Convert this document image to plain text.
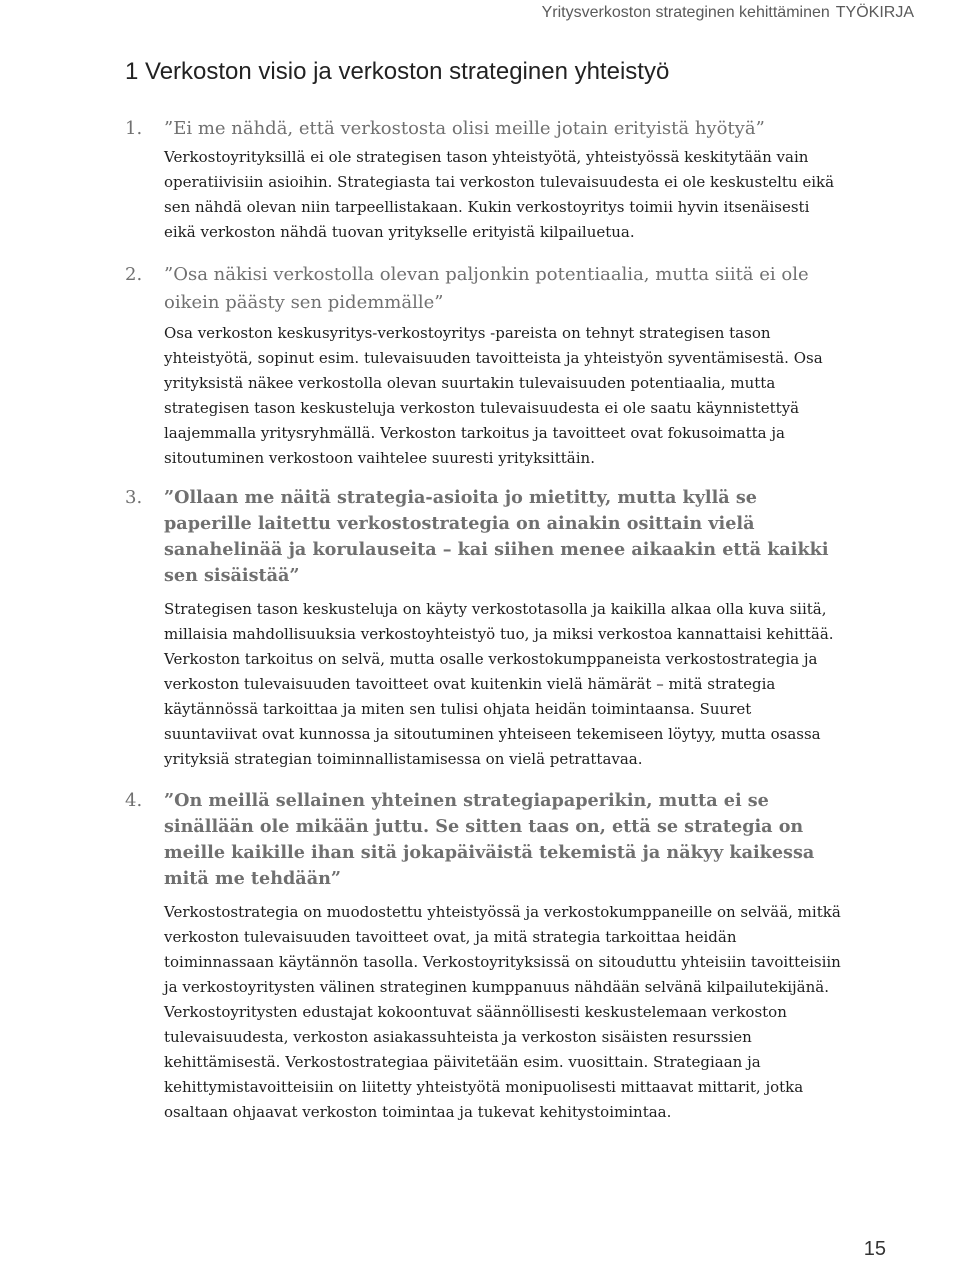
Yritysverkoston strateginen kehittäminen TYÖKIRJA
1 Verkoston visio ja verkoston strateginen yhteistyö
1. ”Ei me nähdä, että verkostosta olisi meille jotain erityistä hyötyä”

Verkostoyrityksillä ei ole strategisen tason yhteistyötä, yhteistyössä keskitytään vain operatiivisiin asioihin. Strategiasta tai verkoston tulevaisuudesta ei ole keskusteltu eikä sen nähdä olevan niin tarpeellistakaan. Kukin verkostoyritys toimii hyvin itsenäisesti eikä verkoston nähdä tuovan yritykselle erityistä kilpailuetua.

2. ”Osa näkisi verkostolla olevan paljonkin potentiaalia, mutta siitä ei ole oikein päästy sen pidemmälle”

Osa verkoston keskusyritys-verkostoyritys -pareista on tehnyt strategisen tason yhteistyötä, sopinut esim. tulevaisuuden tavoitteista ja yhteistyön syventämisestä. Osa yrityksistä näkee verkostolla olevan suurtakin tulevaisuuden potentiaalia, mutta strategisen tason keskusteluja verkoston tulevaisuudesta ei ole saatu käynnistettyä laajemmalla yritysryhmällä. Verkoston tarkoitus ja tavoitteet ovat fokusoimatta ja sitoutuminen verkostoon vaihtelee suuresti yrityksittäin.

3. ”Ollaan me näitä strategia-asioita jo mietitty, mutta kyllä se paperille laitettu verkostostrategia on ainakin osittain vielä sanahelinää ja korulauseita – kai siihen menee aikaakin että kaikki sen sisäistää”

Strategisen tason keskusteluja on käyty verkostotasolla ja kaikilla alkaa olla kuva siitä, millaisia mahdollisuuksia verkostoyhteistyö tuo, ja miksi verkostoa kannattaisi kehittää. Verkoston tarkoitus on selvä, mutta osalle verkostokumppaneista verkostostrategia ja verkoston tulevaisuuden tavoitteet ovat kuitenkin vielä hämärät – mitä strategia käytännössä tarkoittaa ja miten sen tulisi ohjata heidän toimintaansa. Suuret suuntaviivat ovat kunnossa ja sitoutuminen yhteiseen tekemiseen löytyy, mutta osassa yrityksiä strategian toiminnallistamisessa on vielä petrattavaa.

4. ”On meillä sellainen yhteinen strategiapaperikin, mutta ei se sinällään ole mikään juttu. Se sitten taas on, että se strategia on meille kaikille ihan sitä jokapäiväistä tekemistä ja näkyy kaikessa mitä me tehdään”

Verkostostrategia on muodostettu yhteistyössä ja verkostokumppaneille on selvää, mitkä verkoston tulevaisuuden tavoitteet ovat, ja mitä strategia tarkoittaa heidän toiminnassaan käytännön tasolla. Verkostoyrityksissä on sitouduttu yhteisiin tavoitteisiin ja verkostoyritysten välinen strateginen kumppanuus nähdään selvänä kilpailutekijänä. Verkostoyritysten edustajat kokoontuvat säännöllisesti keskustelemaan verkoston tulevaisuudesta, verkoston asiakassuhteista ja verkoston sisäisten resurssien kehittämisestä. Verkostostrategiaa päivitetään esim. vuosittain. Strategiaan ja kehittymistavoitteisiin on liitetty yhteistyötä monipuolisesti mittaavat mittarit, jotka osaltaan ohjaavat verkoston toimintaa ja tukevat kehitystoimintaa.

15
